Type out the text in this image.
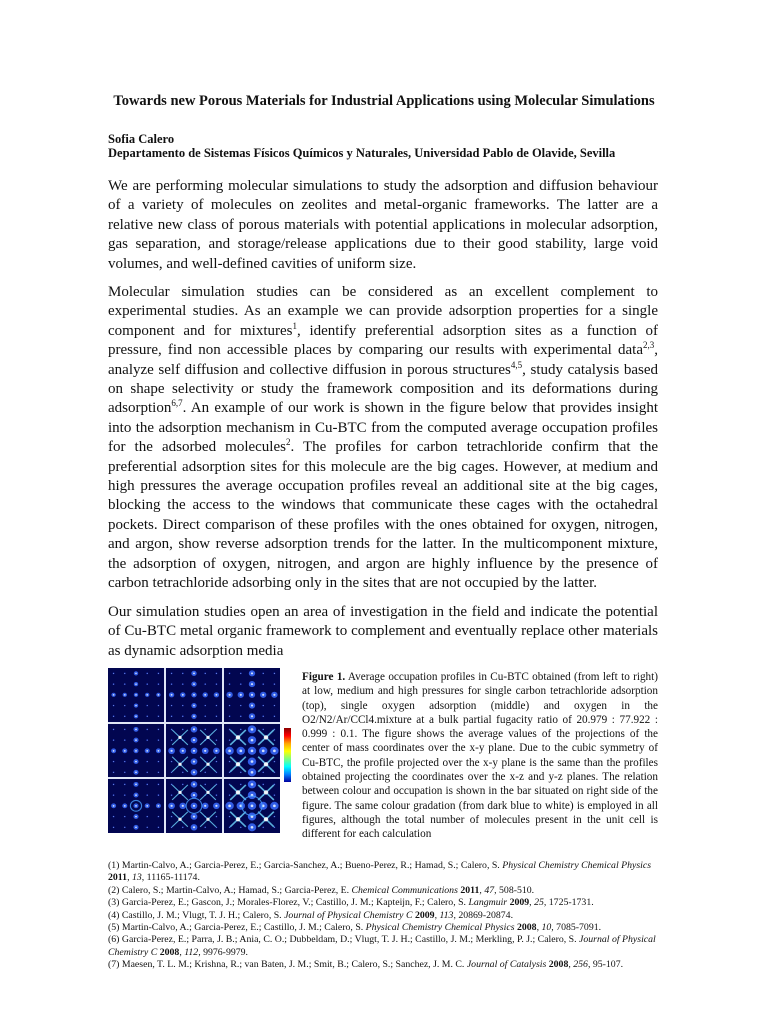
Towards new Porous Materials for Industrial Applications using Molecular Simulations
Sofia Calero
Departamento de Sistemas Físicos Químicos y Naturales, Universidad Pablo de Olavide, Sevilla

We are performing molecular simulations to study the adsorption and diffusion behaviour of a variety of molecules on zeolites and metal-organic frameworks. The latter are a relative new class of porous materials with potential applications in molecular adsorption, gas separation, and storage/release applications due to their good stability, large void volumes, and well-defined cavities of uniform size.

Molecular simulation studies can be considered as an excellent complement to experimental studies. As an example we can provide adsorption properties for a single component and for mixtures$^1$, identify preferential adsorption sites as a function of pressure, find non accessible places by comparing our results with experimental data$^{2,3}$, analyze self diffusion and collective diffusion in porous structures$^{4,5}$, study catalysis based on shape selectivity or study the framework composition and its deformations during adsorption$^{6,7}$. An example of our work is shown in the figure below that provides insight into the adsorption mechanism in Cu-BTC from the computed average occupation profiles for the adsorbed molecules$^2$. The profiles for carbon tetrachloride confirm that the preferential adsorption sites for this molecule are the big cages. However, at medium and high pressures the average occupation profiles reveal an additional site at the big cages, blocking the access to the windows that communicate these cages with the octahedral pockets. Direct comparison of these profiles with the ones obtained for oxygen, nitrogen, and argon, show reverse adsorption trends for the latter. In the multicomponent mixture, the adsorption of oxygen, nitrogen, and argon are highly influence by the presence of carbon tetrachloride adsorbing only in the sites that are not occupied by the latter.

Our simulation studies open an area of investigation in the field and indicate the potential of Cu-BTC metal organic framework to complement and eventually replace other materials as dynamic adsorption media

Figure 1. Average occupation profiles in Cu-BTC obtained (from left to right) at low, medium and high pressures for single carbon tetrachloride adsorption (top), single oxygen adsorption (middle) and oxygen in the O2/N2/Ar/CCl4.mixture at a bulk partial fugacity ratio of 20.979 : 77.922 : 0.999 : 0.1. The figure shows the average values of the projections of the center of mass coordinates over the x-y plane. Due to the cubic symmetry of Cu-BTC, the profile projected over the x-y plane is the same than the profiles obtained projecting the coordinates over the x-z and y-z planes. The relation between colour and occupation is shown in the bar situated on right side of the figure. The same colour gradation (from dark blue to white) is employed in all figures, although the total number of molecules present in the unit cell is different for each calculation

(1) Martin-Calvo, A.; Garcia-Perez, E.; Garcia-Sanchez, A.; Bueno-Perez, R.; Hamad, S.; Calero, S. Physical Chemistry Chemical Physics 2011, 13, 11165-11174.
(2) Calero, S.; Martin-Calvo, A.; Hamad, S.; Garcia-Perez, E. Chemical Communications 2011, 47, 508-510.
(3) Garcia-Perez, E.; Gascon, J.; Morales-Florez, V.; Castillo, J. M.; Kapteijn, F.; Calero, S. Langmuir 2009, 25, 1725-1731.
(4) Castillo, J. M.; Vlugt, T. J. H.; Calero, S. Journal of Physical Chemistry C 2009, 113, 20869-20874.
(5) Martin-Calvo, A.; Garcia-Perez, E.; Castillo, J. M.; Calero, S. Physical Chemistry Chemical Physics 2008, 10, 7085-7091.
(6) Garcia-Perez, E.; Parra, J. B.; Ania, C. O.; Dubbeldam, D.; Vlugt, T. J. H.; Castillo, J. M.; Merkling, P. J.; Calero, S. Journal of Physical Chemistry C 2008, 112, 9976-9979.
(7) Maesen, T. L. M.; Krishna, R.; van Baten, J. M.; Smit, B.; Calero, S.; Sanchez, J. M. C. Journal of Catalysis 2008, 256, 95-107.
